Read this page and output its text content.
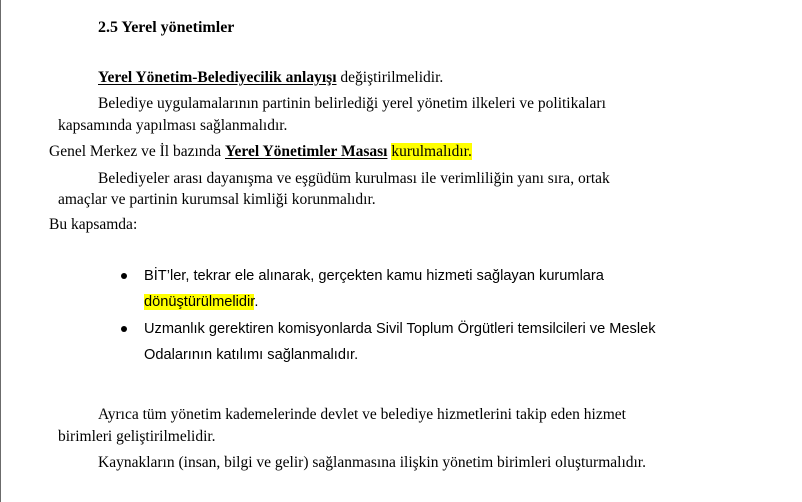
2.5 Yerel yönetimler
Yerel Yönetim-Belediyecilik anlayışı değiştirilmelidir.
Belediye uygulamalarının partinin belirlediği yerel yönetim ilkeleri ve politikaları
kapsamında yapılması sağlanmalıdır.
Genel Merkez ve İl bazında Yerel Yönetimler Masası kurulmalıdır.
Belediyeler arası dayanışma ve eşgüdüm kurulması ile verimliliğin yanı sıra, ortak
amaçlar ve partinin kurumsal kimliği korunmalıdır.
Bu kapsamda:
BİT’ler, tekrar ele alınarak, gerçekten kamu hizmeti sağlayan kurumlara
dönüştürülmelidir.
Uzmanlık gerektiren komisyonlarda Sivil Toplum Örgütleri temsilcileri ve Meslek
Odalarının katılımı sağlanmalıdır.
Ayrıca tüm yönetim kademelerinde devlet ve belediye hizmetlerini takip eden hizmet
birimleri geliştirilmelidir.
Kaynakların (insan, bilgi ve gelir) sağlanmasına ilişkin yönetim birimleri oluşturmalıdır.
